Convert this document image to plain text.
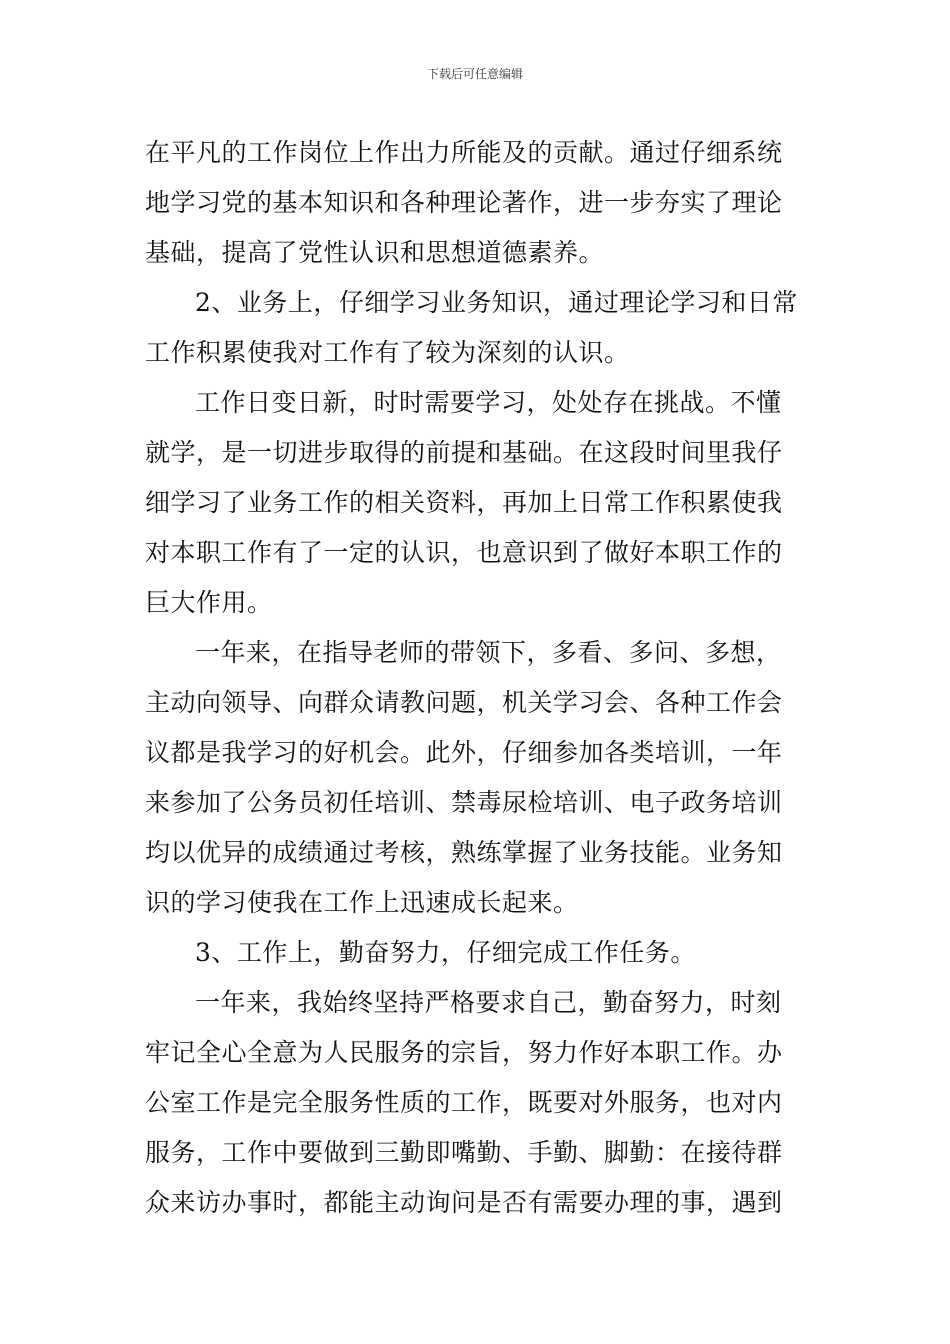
下载后可任意编辑
在平凡的工作岗位上作出力所能及的贡献。通过仔细系统
地学习党的基本知识和各种理论著作，进一步夯实了理论
基础，提高了党性认识和思想道德素养。
2、业务上，仔细学习业务知识，通过理论学习和日常
工作积累使我对工作有了较为深刻的认识。
工作日变日新，时时需要学习，处处存在挑战。不懂
就学，是一切进步取得的前提和基础。在这段时间里我仔
细学习了业务工作的相关资料，再加上日常工作积累使我
对本职工作有了一定的认识，也意识到了做好本职工作的
巨大作用。
一年来，在指导老师的带领下，多看、多问、多想，
主动向领导、向群众请教问题，机关学习会、各种工作会
议都是我学习的好机会。此外，仔细参加各类培训，一年
来参加了公务员初任培训、禁毒尿检培训、电子政务培训
均以优异的成绩通过考核，熟练掌握了业务技能。业务知
识的学习使我在工作上迅速成长起来。
3、工作上，勤奋努力，仔细完成工作任务。
一年来，我始终坚持严格要求自己，勤奋努力，时刻
牢记全心全意为人民服务的宗旨，努力作好本职工作。办
公室工作是完全服务性质的工作，既要对外服务，也对内
服务，工作中要做到三勤即嘴勤、手勤、脚勤：在接待群
众来访办事时，都能主动询问是否有需要办理的事，遇到
